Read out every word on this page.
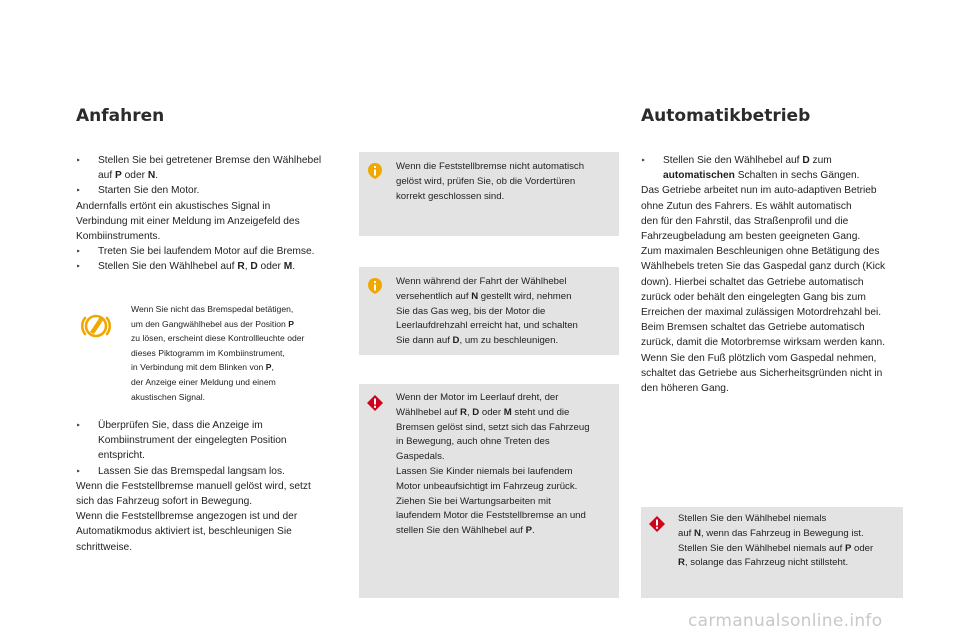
Anfahren	Automatikbetrieb
‣ Stellen Sie bei getretener Bremse den Wählhebel
auf P oder N.
‣ Starten Sie den Motor.
Andernfalls ertönt ein akustisches Signal in
Verbindung mit einer Meldung im Anzeigefeld des
Kombiinstruments.
‣ Treten Sie bei laufendem Motor auf die Bremse.
‣ Stellen Sie den Wählhebel auf R, D oder M.
Wenn Sie nicht das Bremspedal betätigen,
um den Gangwählhebel aus der Position P
zu lösen, erscheint diese Kontrollleuchte oder
dieses Piktogramm im Kombiinstrument,
in Verbindung mit dem Blinken von P,
der Anzeige einer Meldung und einem
akustischen Signal.
‣ Überprüfen Sie, dass die Anzeige im
Kombiinstrument der eingelegten Position
entspricht.
‣ Lassen Sie das Bremspedal langsam los.
Wenn die Feststellbremse manuell gelöst wird, setzt
sich das Fahrzeug sofort in Bewegung.
Wenn die Feststellbremse angezogen ist und der
Automatikmodus aktiviert ist, beschleunigen Sie
schrittweise.
Wenn die Feststellbremse nicht automatisch
gelöst wird, prüfen Sie, ob die Vordertüren
korrekt geschlossen sind.
Wenn während der Fahrt der Wählhebel
versehentlich auf N gestellt wird, nehmen
Sie das Gas weg, bis der Motor die
Leerlaufdrehzahl erreicht hat, und schalten
Sie dann auf D, um zu beschleunigen.
Wenn der Motor im Leerlauf dreht, der
Wählhebel auf R, D oder M steht und die
Bremsen gelöst sind, setzt sich das Fahrzeug
in Bewegung, auch ohne Treten des
Gaspedals.
Lassen Sie Kinder niemals bei laufendem
Motor unbeaufsichtigt im Fahrzeug zurück.
Ziehen Sie bei Wartungsarbeiten mit
laufendem Motor die Feststellbremse an und
stellen Sie den Wählhebel auf P.
‣ Stellen Sie den Wählhebel auf D zum
automatischen Schalten in sechs Gängen.
Das Getriebe arbeitet nun im auto-adaptiven Betrieb
ohne Zutun des Fahrers. Es wählt automatisch
den für den Fahrstil, das Straßenprofil und die
Fahrzeugbeladung am besten geeigneten Gang.
Zum maximalen Beschleunigen ohne Betätigung des
Wählhebels treten Sie das Gaspedal ganz durch (Kick
down). Hierbei schaltet das Getriebe automatisch
zurück oder behält den eingelegten Gang bis zum
Erreichen der maximal zulässigen Motordrehzahl bei.
Beim Bremsen schaltet das Getriebe automatisch
zurück, damit die Motorbremse wirksam werden kann.
Wenn Sie den Fuß plötzlich vom Gaspedal nehmen,
schaltet das Getriebe aus Sicherheitsgründen nicht in
den höheren Gang.
Stellen Sie den Wählhebel niemals
auf N, wenn das Fahrzeug in Bewegung ist.
Stellen Sie den Wählhebel niemals auf P oder
R, solange das Fahrzeug nicht stillsteht.
carmanualsonline.info
